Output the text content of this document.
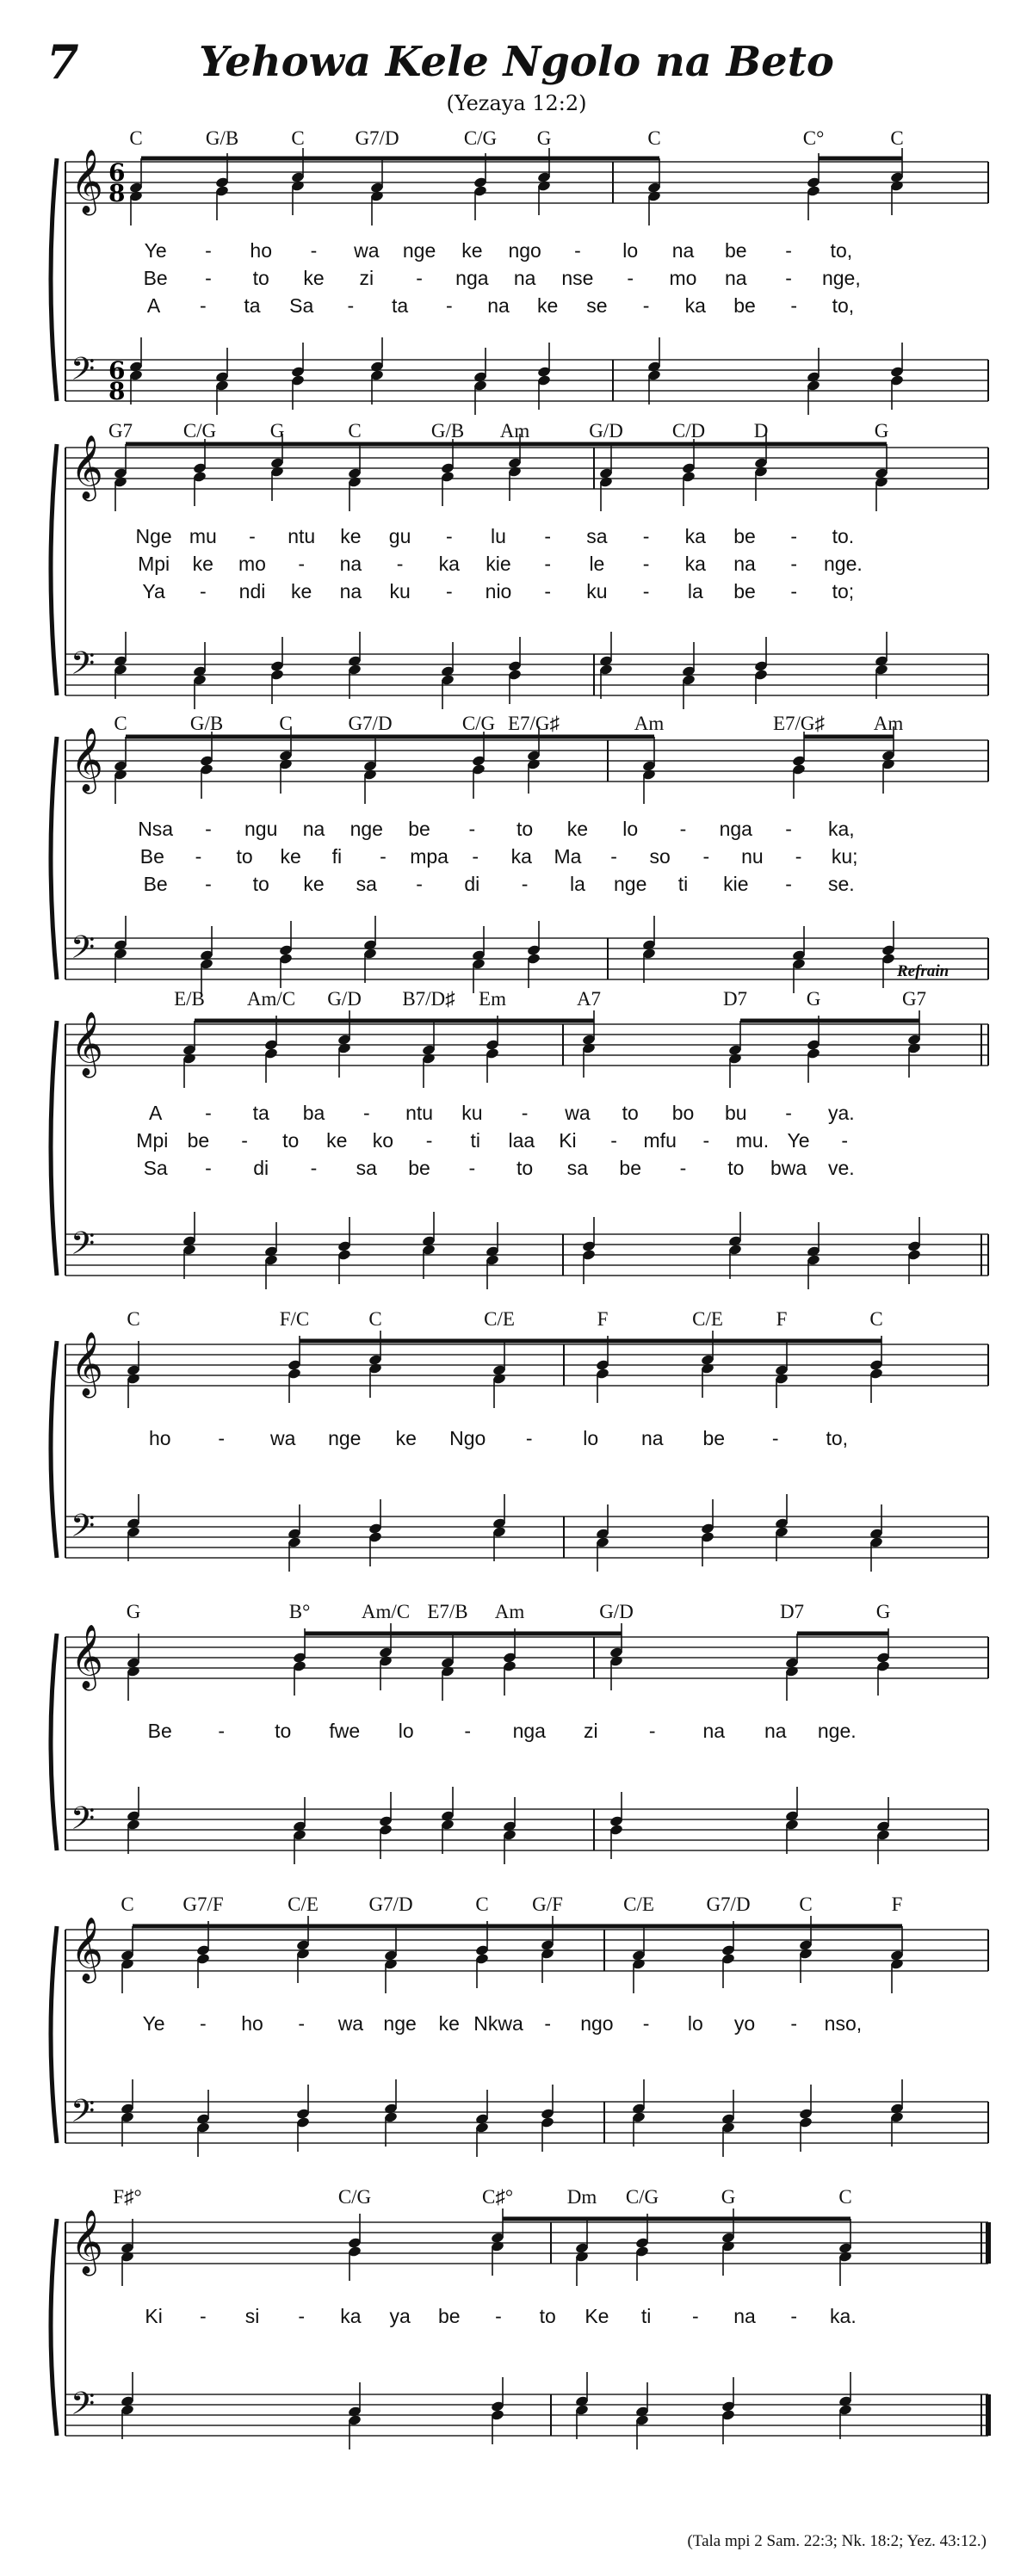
7	Yehowa Kele Ngolo na Beto
(Yezaya 12:2)
C	G/B	C	G7/D	C/G G	C	C°	C
𝄞 6
8
𝄢 6
8
Ye - ho - wa nge ke ngo - lo na be - to,
Be - to ke zi - nga na nse - mo na - nge,
A - ta Sa - ta - na ke se - ka be - to,
G7	C/G	G	C	G/B Am	G/D C/D D	G
𝄞
𝄢
Nge mu - ntu ke gu - lu - sa - ka be - to.
Mpi ke mo - na - ka kie - le - ka na - nge.
Ya - ndi ke na ku - nio - ku - la be - to;
C	G/B	C	G7/D	C/G E7/G♯	Am	E7/G♯ Am
𝄞
𝄢
Nsa - ngu na nge be - to ke lo - nga - ka,
Be - to ke fi - mpa - ka Ma - so - nu - ku;
Be - to ke sa - di - la nge ti kie - se.
E/B Am/C G/D B7/D♯ Em	A7	D7	G	G7
Refrain
𝄞
𝄢
A - ta ba - ntu ku - wa to bo bu - ya.
Mpi be - to ke ko - ti laa Ki - mfu - mu. Ye -
Sa - di - sa be - to sa be - to bwa ve.
C	F/C	C	C/E	F	C/E	F	C
𝄞
𝄢
ho - wa nge ke Ngo -	lo na be - to,
G	B°	Am/C E7/B Am	G/D	D7	G
𝄞
𝄢
Be -	to fwe lo	- nga zi	- na na nge.
C G7/F	C/E	G7/D	C G/F	C/E	G7/D C	F
𝄞
𝄢
Ye - ho - wa nge ke Nkwa - ngo - lo yo - nso,
F♯°	C/G	C♯°	Dm C/G	G	C
𝄞
𝄢
Ki - si - ka ya be - to Ke ti - na - ka.
(Tala mpi 2 Sam. 22:3; Nk. 18:2; Yez. 43:12.)
